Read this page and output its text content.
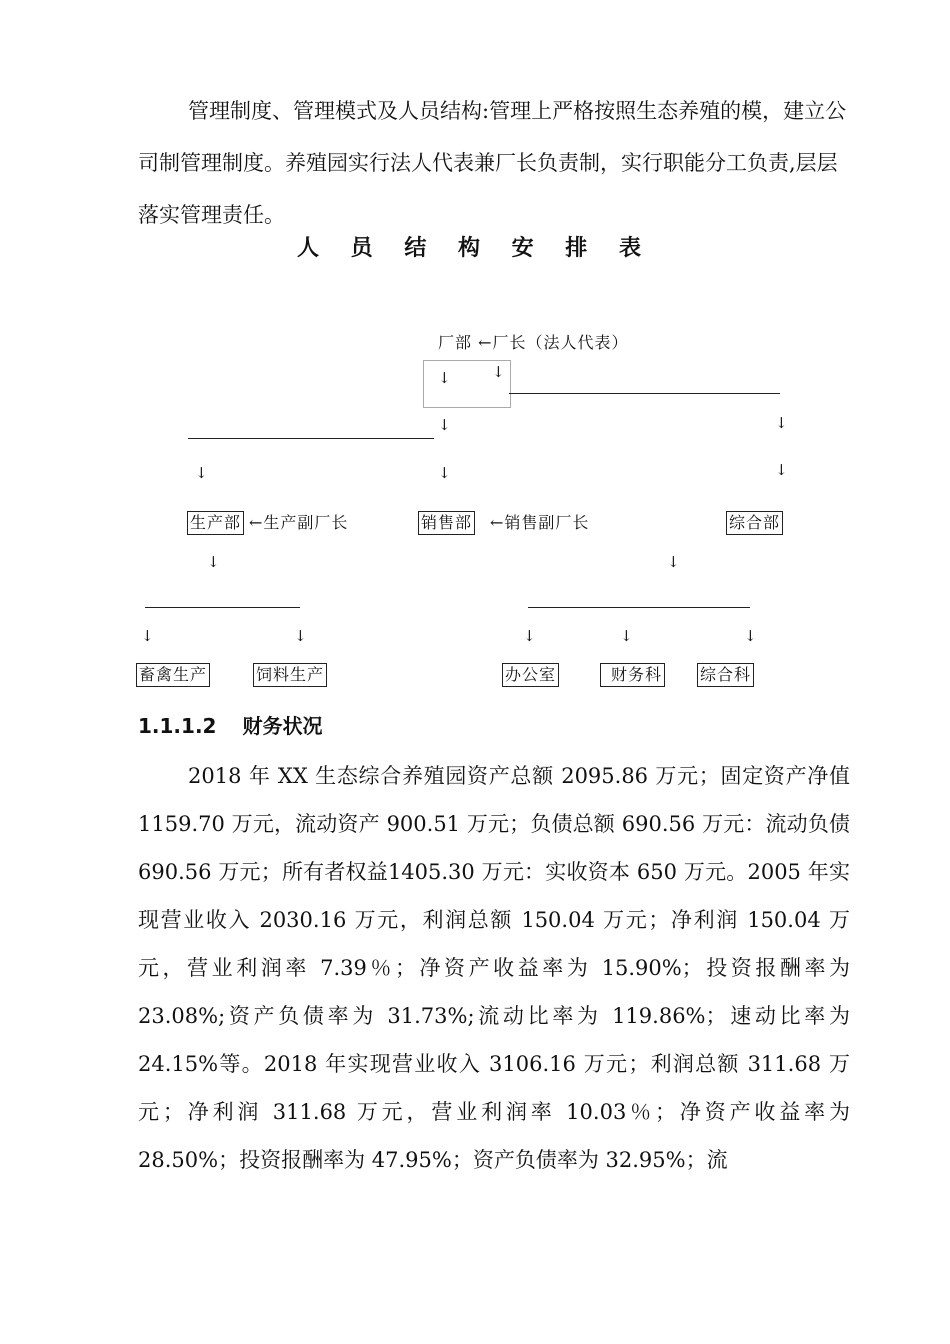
管理制度、管理模式及人员结构:管理上严格按照生态养殖的模，建立公司制管理制度。养殖园实行法人代表兼厂长负责制，实行职能分工负责,层层落实管理责任。

人 员 结 构 安 排 表
厂部 ←厂长（法人代表）
↓	↓
↓
↓
↓	↓	↓
生产部 ←生产副厂长	销售部 ←销售副厂长	综合部
↓	↓
↓	↓	↓	↓	↓
畜禽生产	饲料生产	办公室	财务科 综合科
1.1.1.2 财务状况

2018 年 XX 生态综合养殖园资产总额 2095.86 万元；固定资产净值 1159.70 万元，流动资产 900.51 万元；负债总额 690.56 万元：流动负债 690.56 万元；所有者权益1405.30 万元：实收资本 650 万元。2005 年实现营业收入 2030.16 万元，利润总额 150.04 万元；净利润 150.04 万元，营业利润率 7.39％；净资产收益率为 15.90%；投资报酬率为 23.08%;资产负债率为 31.73%;流动比率为 119.86%；速动比率为 24.15%等。2018 年实现营业收入 3106.16 万元；利润总额 311.68 万元；净利润 311.68 万元，营业利润率 10.03％；净资产收益率为 28.50%；投资报酬率为 47.95%；资产负债率为 32.95%；流
